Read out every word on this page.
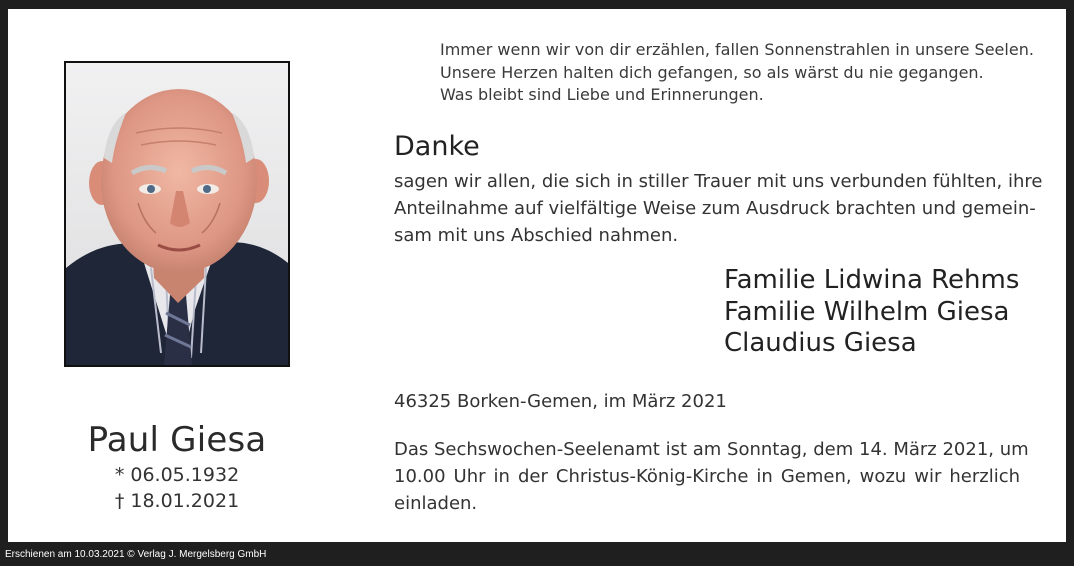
Paul Giesa
* 06.05.1932
† 18.01.2021
Immer wenn wir von dir erzählen, fallen Sonnenstrahlen in unsere Seelen.
Unsere Herzen halten dich gefangen, so als wärst du nie gegangen.
Was bleibt sind Liebe und Erinnerungen.
Danke
sagen wir allen, die sich in stiller Trauer mit uns verbunden fühlten, ihre
Anteilnahme auf vielfältige Weise zum Ausdruck brachten und gemein-
sam mit uns Abschied nahmen.
Familie Lidwina Rehms
Familie Wilhelm Giesa
Claudius Giesa
46325 Borken-Gemen, im März 2021
Das Sechswochen-Seelenamt ist am Sonntag, dem 14. März 2021, um
10.00 Uhr in der Christus-König-Kirche in Gemen, wozu wir herzlich
einladen.
Erschienen am 10.03.2021 © Verlag J. Mergelsberg GmbH
